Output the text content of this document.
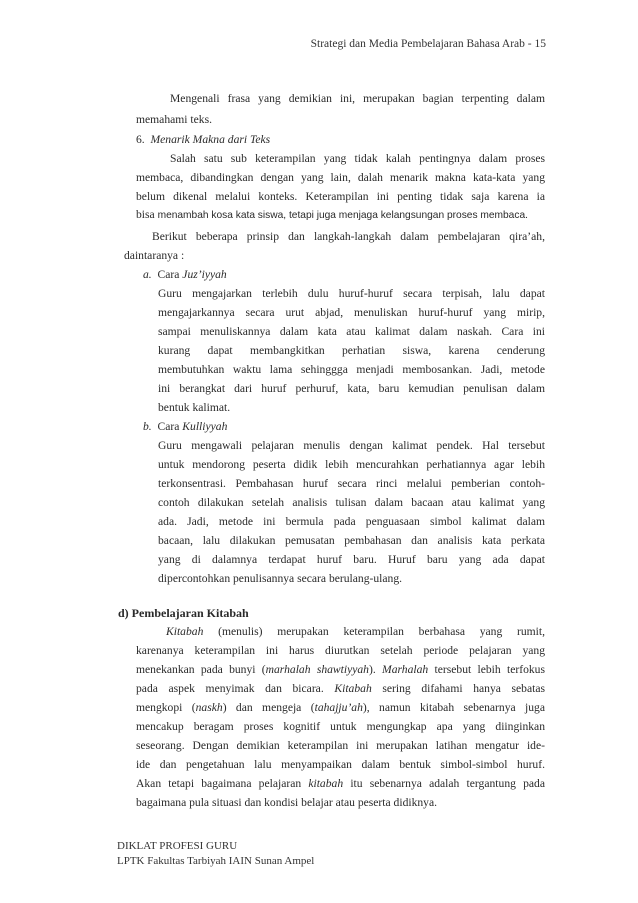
Strategi dan Media Pembelajaran Bahasa Arab - 15
Mengenali frasa yang demikian ini, merupakan bagian terpenting dalam
memahami teks.
6. Menarik Makna dari Teks
Salah satu sub keterampilan yang tidak kalah pentingnya dalam proses
membaca, dibandingkan dengan yang lain, dalah menarik makna kata-kata yang
belum dikenal melalui konteks. Keterampilan ini penting tidak saja karena ia
bisa menambah kosa kata siswa, tetapi juga menjaga kelangsungan proses membaca.
Berikut beberapa prinsip dan langkah-langkah dalam pembelajaran qira’ah,
daintaranya :
a. Cara Juz’iyyah
Guru mengajarkan terlebih dulu huruf-huruf secara terpisah, lalu dapat
mengajarkannya secara urut abjad, menuliskan huruf-huruf yang mirip,
sampai menuliskannya dalam kata atau kalimat dalam naskah. Cara ini
kurang dapat membangkitkan perhatian siswa, karena cenderung
membutuhkan waktu lama sehinggga menjadi membosankan. Jadi, metode
ini berangkat dari huruf perhuruf, kata, baru kemudian penulisan dalam
bentuk kalimat.
b. Cara Kulliyyah
Guru mengawali pelajaran menulis dengan kalimat pendek. Hal tersebut
untuk mendorong peserta didik lebih mencurahkan perhatiannya agar lebih
terkonsentrasi. Pembahasan huruf secara rinci melalui pemberian contoh-
contoh dilakukan setelah analisis tulisan dalam bacaan atau kalimat yang
ada. Jadi, metode ini bermula pada penguasaan simbol kalimat dalam
bacaan, lalu dilakukan pemusatan pembahasan dan analisis kata perkata
yang di dalamnya terdapat huruf baru. Huruf baru yang ada dapat
dipercontohkan penulisannya secara berulang-ulang.
d) Pembelajaran Kitabah
Kitabah (menulis) merupakan keterampilan berbahasa yang rumit,
karenanya keterampilan ini harus diurutkan setelah periode pelajaran yang
menekankan pada bunyi (marhalah shawtiyyah). Marhalah tersebut lebih terfokus
pada aspek menyimak dan bicara. Kitabah sering difahami hanya sebatas
mengkopi (naskh) dan mengeja (tahajju’ah), namun kitabah sebenarnya juga
mencakup beragam proses kognitif untuk mengungkap apa yang diinginkan
seseorang. Dengan demikian keterampilan ini merupakan latihan mengatur ide-
ide dan pengetahuan lalu menyampaikan dalam bentuk simbol-simbol huruf.
Akan tetapi bagaimana pelajaran kitabah itu sebenarnya adalah tergantung pada
bagaimana pula situasi dan kondisi belajar atau peserta didiknya.
DIKLAT PROFESI GURU
LPTK Fakultas Tarbiyah IAIN Sunan Ampel
